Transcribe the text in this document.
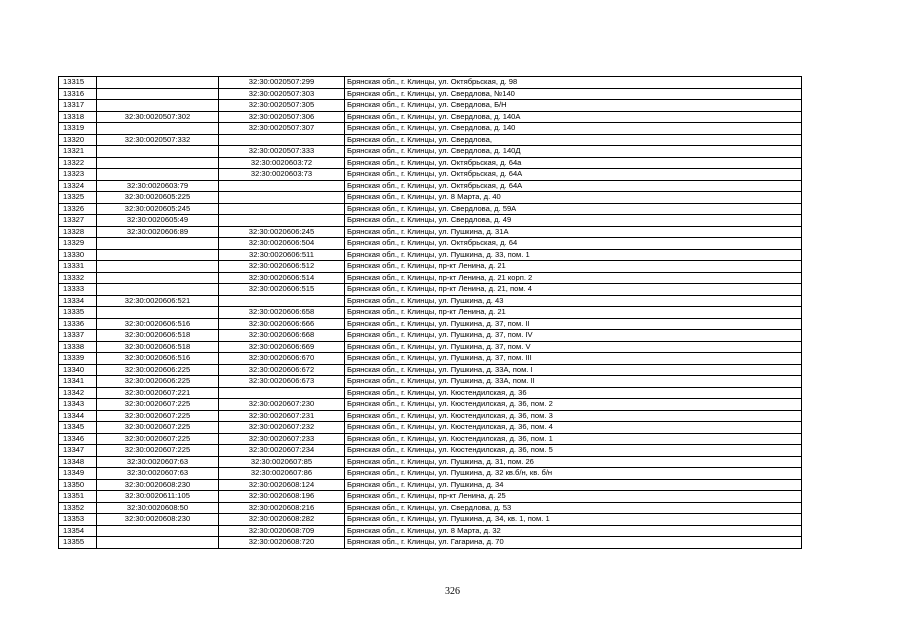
13315		32:30:0020507:299	Брянская обл., г. Клинцы, ул. Октябрьская, д. 98
13316		32:30:0020507:303	Брянская обл., г. Клинцы, ул. Свердлова, №140
13317		32:30:0020507:305	Брянская обл., г. Клинцы, ул. Свердлова, Б/Н
13318	32:30:0020507:302	32:30:0020507:306	Брянская обл., г. Клинцы, ул. Свердлова, д. 140А
13319		32:30:0020507:307	Брянская обл., г. Клинцы, ул. Свердлова, д. 140
13320	32:30:0020507:332		Брянская обл., г. Клинцы, ул. Свердлова,
13321		32:30:0020507:333	Брянская обл., г. Клинцы, ул. Свердлова, д. 140Д
13322		32:30:0020603:72	Брянская обл., г. Клинцы, ул. Октябрьская, д. 64а
13323		32:30:0020603:73	Брянская обл., г. Клинцы, ул. Октябрьская, д. 64А
13324	32:30:0020603:79		Брянская обл., г. Клинцы, ул. Октябрьская, д. 64А
13325	32:30:0020605:225		Брянская обл., г. Клинцы, ул. 8 Марта, д. 40
13326	32:30:0020605:245		Брянская обл., г. Клинцы, ул. Свердлова, д. 59А
13327	32:30:0020605:49		Брянская обл., г. Клинцы, ул. Свердлова, д. 49
13328	32:30:0020606:89	32:30:0020606:245	Брянская обл., г. Клинцы, ул. Пушкина, д. 31А
13329		32:30:0020606:504	Брянская обл., г. Клинцы, ул. Октябрьская, д. 64
13330		32:30:0020606:511	Брянская обл., г. Клинцы, ул. Пушкина, д. 33, пом. 1
13331		32:30:0020606:512	Брянская обл., г. Клинцы, пр-кт Ленина, д. 21
13332		32:30:0020606:514	Брянская обл., г. Клинцы, пр-кт Ленина, д. 21 корп. 2
13333		32:30:0020606:515	Брянская обл., г. Клинцы, пр-кт Ленина, д. 21, пом. 4
13334	32:30:0020606:521		Брянская обл., г. Клинцы, ул. Пушкина, д. 43
13335		32:30:0020606:658	Брянская обл., г. Клинцы, пр-кт Ленина, д. 21
13336	32:30:0020606:516	32:30:0020606:666	Брянская обл., г. Клинцы, ул. Пушкина, д. 37, пом. II
13337	32:30:0020606:518	32:30:0020606:668	Брянская обл., г. Клинцы, ул. Пушкина, д. 37, пом. IV
13338	32:30:0020606:518	32:30:0020606:669	Брянская обл., г. Клинцы, ул. Пушкина, д. 37, пом. V
13339	32:30:0020606:516	32:30:0020606:670	Брянская обл., г. Клинцы, ул. Пушкина, д. 37, пом. III
13340	32:30:0020606:225	32:30:0020606:672	Брянская обл., г. Клинцы, ул. Пушкина, д. 33А, пом. I
13341	32:30:0020606:225	32:30:0020606:673	Брянская обл., г. Клинцы, ул. Пушкина, д. 33А, пом. II
13342	32:30:0020607:221		Брянская обл., г. Клинцы, ул. Кюстендилская, д. 36
13343	32:30:0020607:225	32:30:0020607:230	Брянская обл., г. Клинцы, ул. Кюстендилская, д. 36, пом. 2
13344	32:30:0020607:225	32:30:0020607:231	Брянская обл., г. Клинцы, ул. Кюстендилская, д. 36, пом. 3
13345	32:30:0020607:225	32:30:0020607:232	Брянская обл., г. Клинцы, ул. Кюстендилская, д. 36, пом. 4
13346	32:30:0020607:225	32:30:0020607:233	Брянская обл., г. Клинцы, ул. Кюстендилская, д. 36, пом. 1
13347	32:30:0020607:225	32:30:0020607:234	Брянская обл., г. Клинцы, ул. Кюстендилская, д. 36, пом. 5
13348	32:30:0020607:63	32:30:0020607:85	Брянская обл., г. Клинцы, ул. Пушкина, д. 31, пом. 26
13349	32:30:0020607:63	32:30:0020607:86	Брянская обл., г. Клинцы, ул. Пушкина, д. 32 кв.б/н, кв. б/н
13350	32:30:0020608:230	32:30:0020608:124	Брянская обл., г. Клинцы, ул. Пушкина, д. 34
13351	32:30:0020611:105	32:30:0020608:196	Брянская обл., г. Клинцы, пр-кт Ленина, д. 25
13352	32:30:0020608:50	32:30:0020608:216	Брянская обл., г. Клинцы, ул. Свердлова, д. 53
13353	32:30:0020608:230	32:30:0020608:282	Брянская обл., г. Клинцы, ул. Пушкина, д. 34, кв. 1, пом. 1
13354		32:30:0020608:709	Брянская обл., г. Клинцы, ул. 8 Марта, д. 32
13355		32:30:0020608:720	Брянская обл., г. Клинцы, ул. Гагарина, д. 70
326
